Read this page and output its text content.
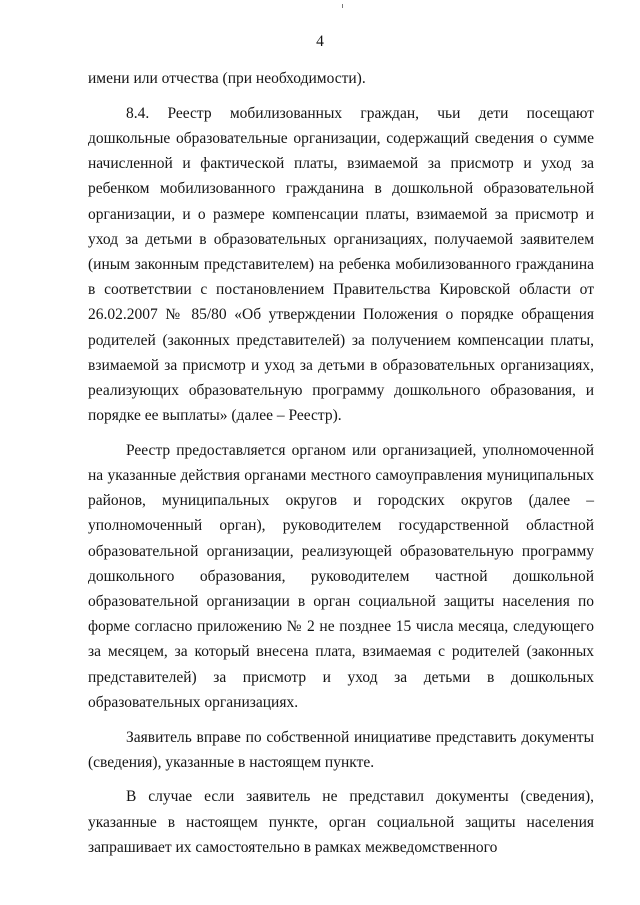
4

имени или отчества (при необходимости).

8.4. Реестр мобилизованных граждан, чьи дети посещают дошкольные образовательные организации, содержащий сведения о сумме начисленной и фактической платы, взимаемой за присмотр и уход за ребенком мобилизованного гражданина в дошкольной образовательной организации, и о размере компенсации платы, взимаемой за присмотр и уход за детьми в образовательных организациях, получаемой заявителем (иным законным представителем) на ребенка мобилизованного гражданина в соответствии с постановлением Правительства Кировской области от 26.02.2007 № 85/80 «Об утверждении Положения о порядке обращения родителей (законных представителей) за получением компенсации платы, взимаемой за присмотр и уход за детьми в образовательных организациях, реализующих образовательную программу дошкольного образования, и порядке ее выплаты» (далее – Реестр).

Реестр предоставляется органом или организацией, уполномоченной на указанные действия органами местного самоуправления муниципальных районов, муниципальных округов и городских округов (далее – уполномоченный орган), руководителем государственной областной образовательной организации, реализующей образовательную программу дошкольного образования, руководителем частной дошкольной образовательной организации в орган социальной защиты населения по форме согласно приложению № 2 не позднее 15 числа месяца, следующего за месяцем, за который внесена плата, взимаемая с родителей (законных представителей) за присмотр и уход за детьми в дошкольных образовательных организациях.

Заявитель вправе по собственной инициативе представить документы (сведения), указанные в настоящем пункте.

В случае если заявитель не представил документы (сведения), указанные в настоящем пункте, орган социальной защиты населения запрашивает их самостоятельно в рамках межведомственного
